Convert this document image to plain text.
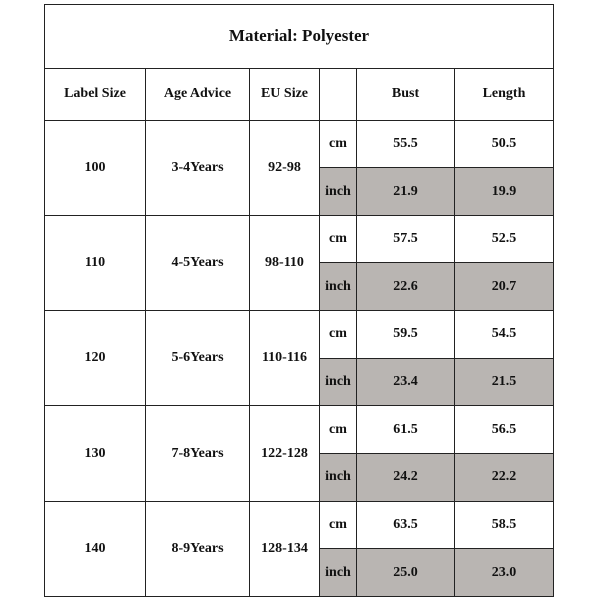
Material: Polyester					
Label Size	Age Advice	EU Size		Bust	Length
100	3-4Years	92-98	cm	55.5	50.5
			inch	21.9	19.9
110	4-5Years	98-110	cm	57.5	52.5
			inch	22.6	20.7
120	5-6Years	110-116	cm	59.5	54.5
			inch	23.4	21.5
130	7-8Years	122-128	cm	61.5	56.5
			inch	24.2	22.2
140	8-9Years	128-134	cm	63.5	58.5
			inch	25.0	23.0
